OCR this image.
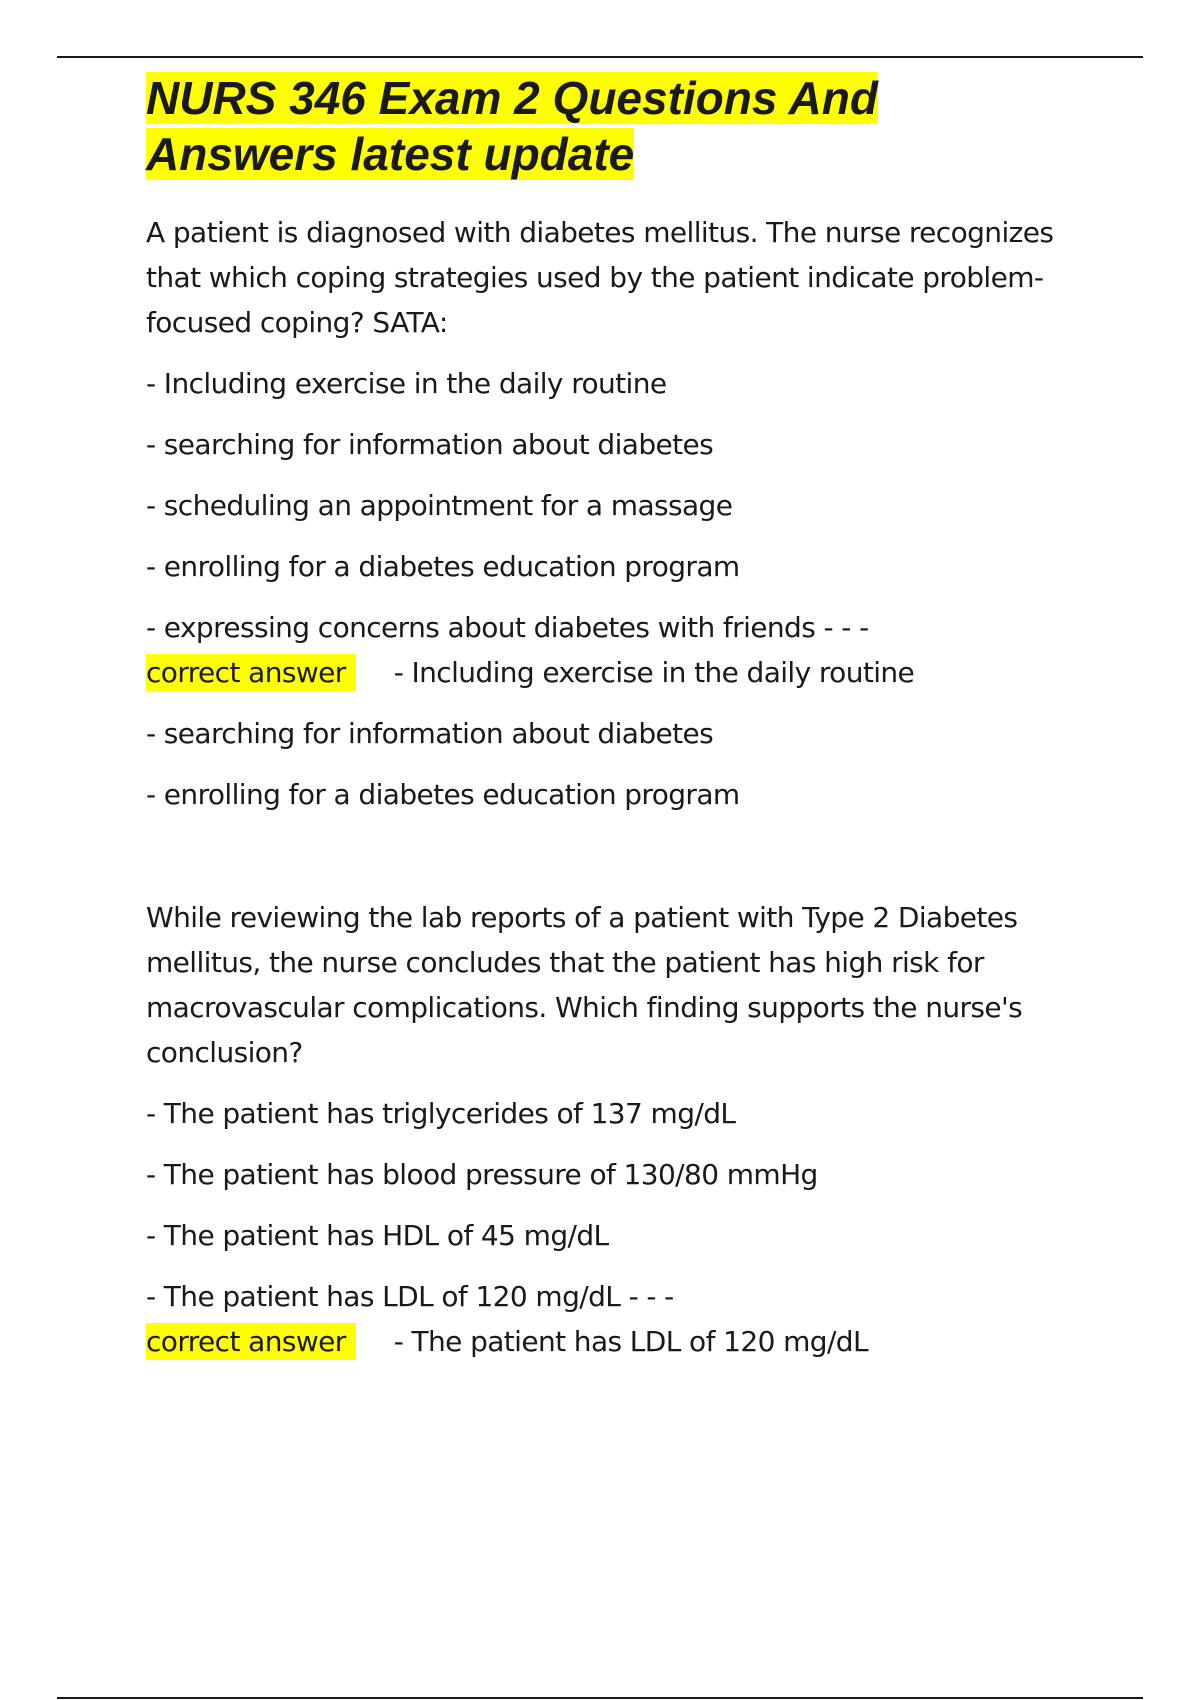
NURS 346 Exam 2 Questions And
Answers latest update

A patient is diagnosed with diabetes mellitus. The nurse recognizes that which coping strategies used by the patient indicate problem-focused coping? SATA:

- Including exercise in the daily routine

- searching for information about diabetes

- scheduling an appointment for a massage

- enrolling for a diabetes education program

- expressing concerns about diabetes with friends - - -

correct answer - Including exercise in the daily routine

- searching for information about diabetes

- enrolling for a diabetes education program

While reviewing the lab reports of a patient with Type 2 Diabetes mellitus, the nurse concludes that the patient has high risk for macrovascular complications. Which finding supports the nurse's conclusion?

- The patient has triglycerides of 137 mg/dL

- The patient has blood pressure of 130/80 mmHg

- The patient has HDL of 45 mg/dL

- The patient has LDL of 120 mg/dL - - -

correct answer - The patient has LDL of 120 mg/dL
